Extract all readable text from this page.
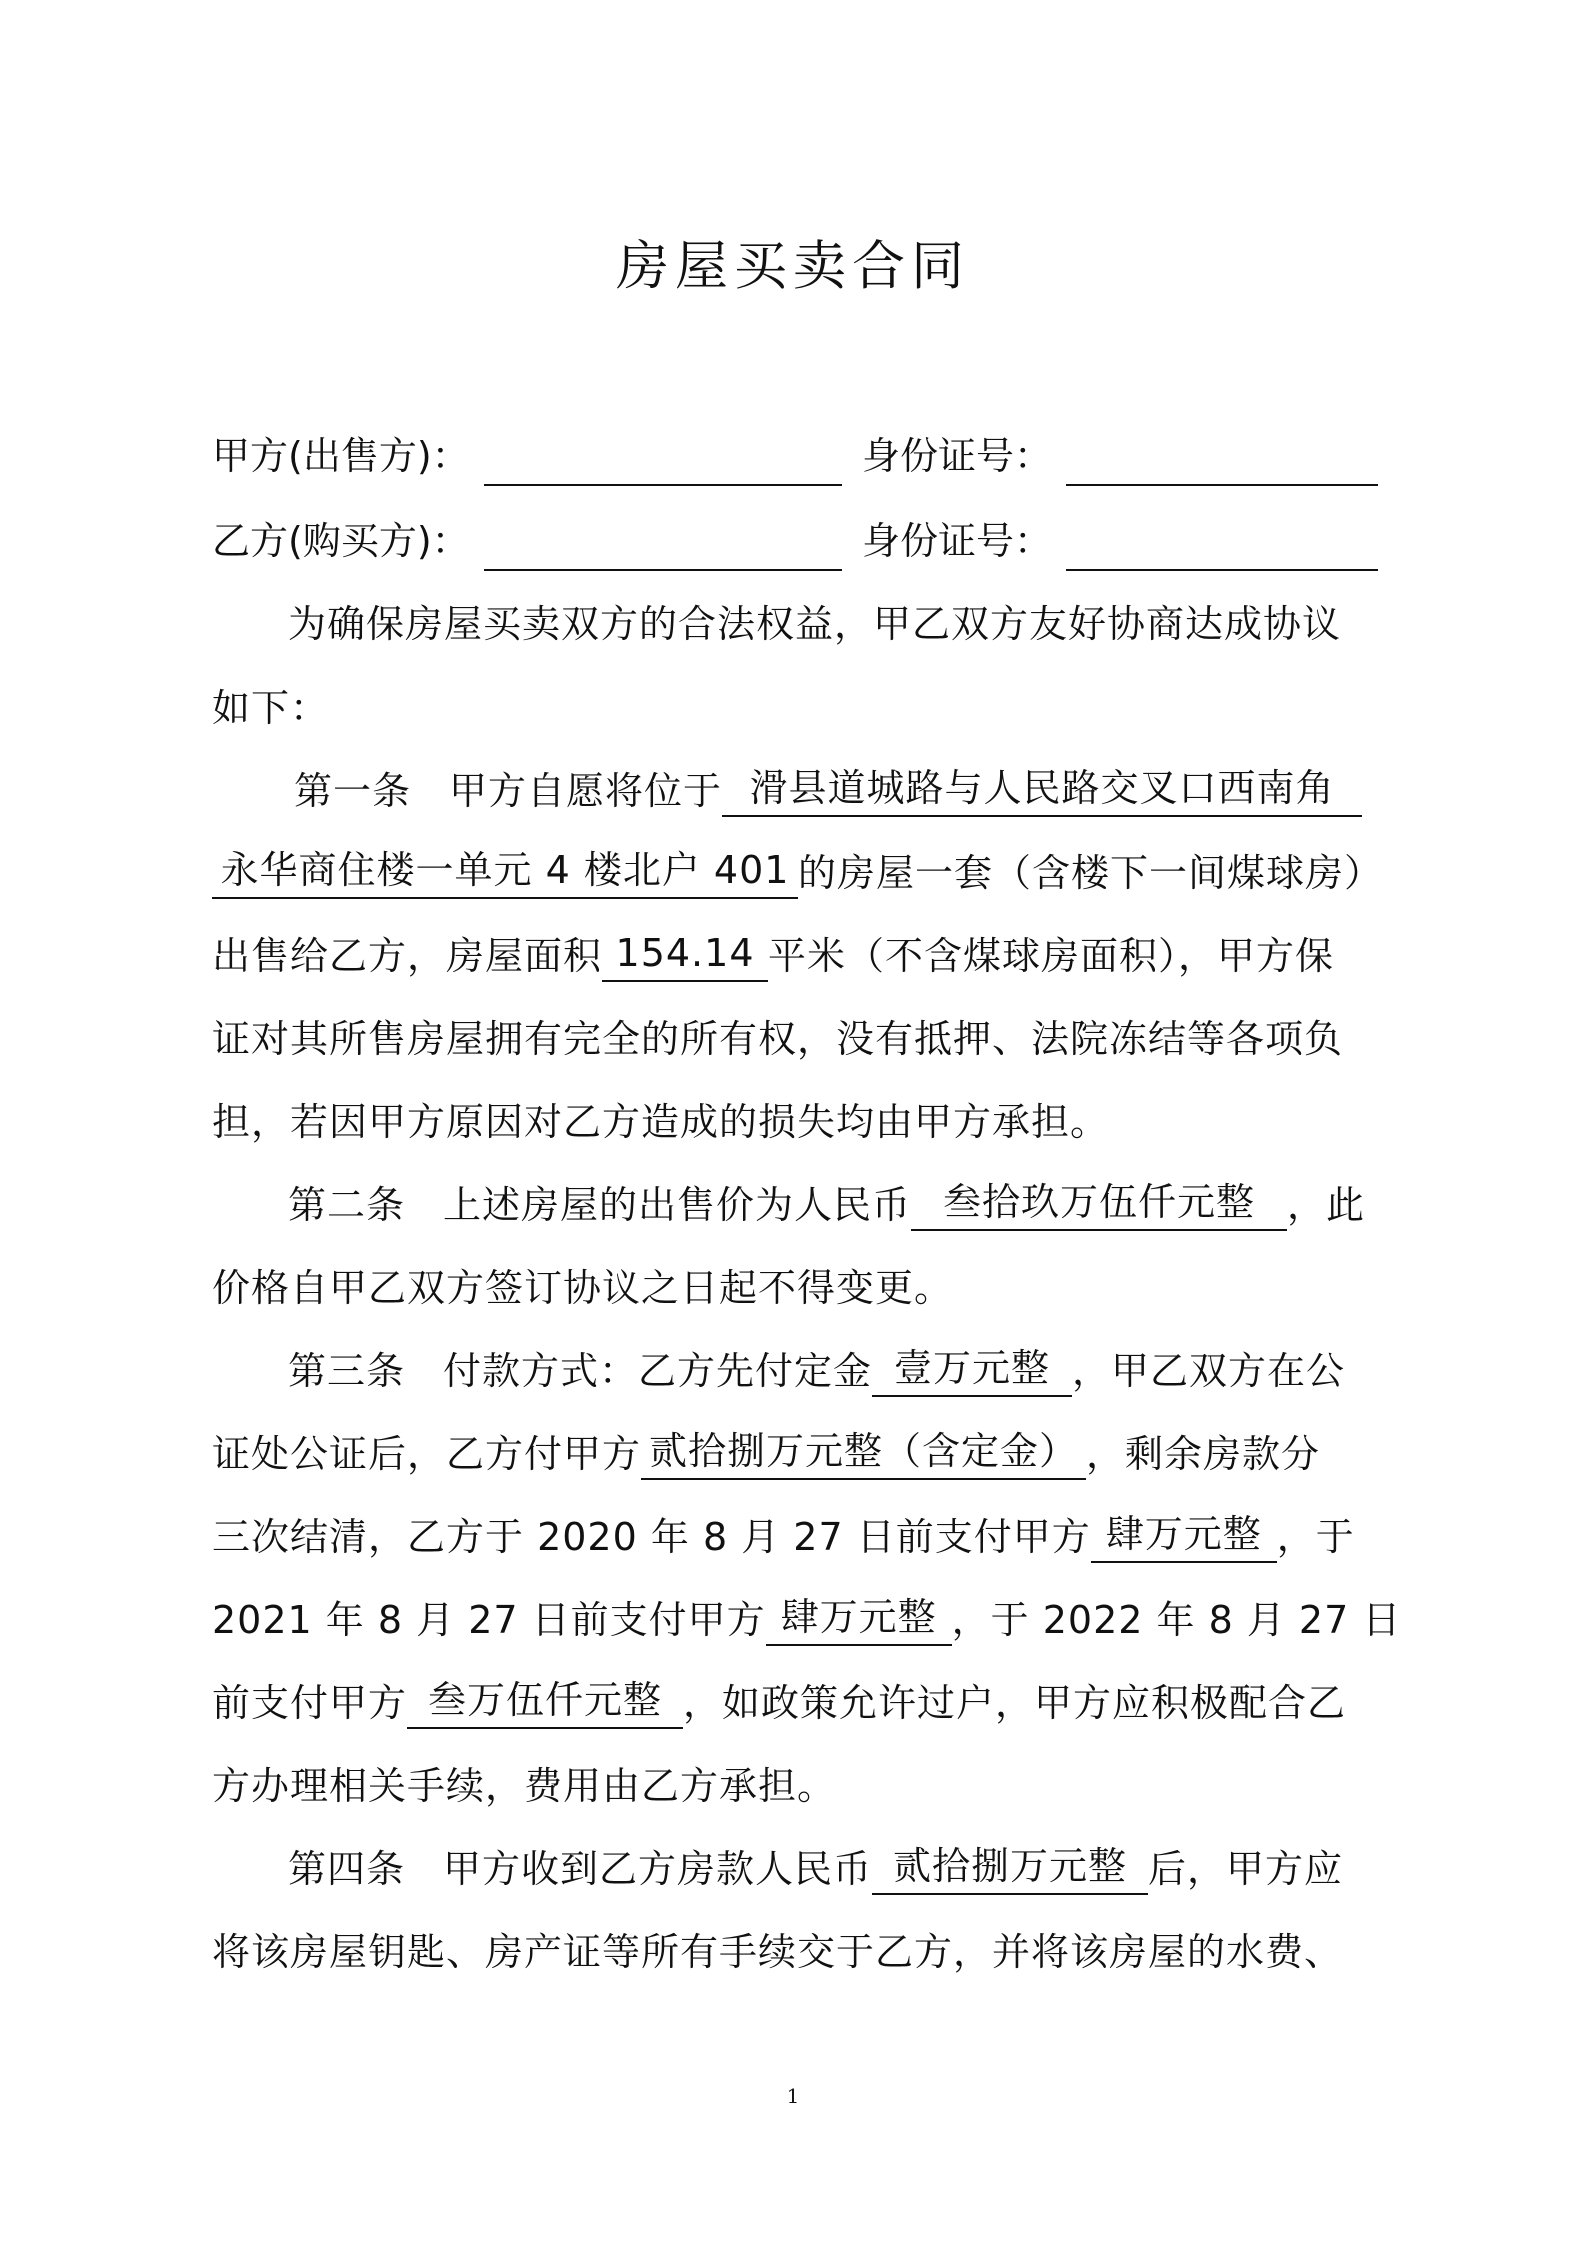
房屋买卖合同
甲方(出售方)：	身份证号：
乙方(购买方)：	身份证号：
为确保房屋买卖双方的合法权益，甲乙双方友好协商达成协议
如下：
第一条 甲方自愿将位于 滑县道城路与人民路交叉口西南角
永华商住楼一单元 4 楼北户 401 的房屋一套（含楼下一间煤球房）
出售给乙方，房屋面积 154.14 平米（不含煤球房面积），甲方保
证对其所售房屋拥有完全的所有权，没有抵押、法院冻结等各项负
担，若因甲方原因对乙方造成的损失均由甲方承担。
第二条 上述房屋的出售价为人民币 叁拾玖万伍仟元整 ，此
价格自甲乙双方签订协议之日起不得变更。
第三条 付款方式：乙方先付定金 壹万元整 ，甲乙双方在公
证处公证后，乙方付甲方 贰拾捌万元整（含定金） ，剩余房款分
三次结清，乙方于 2020 年 8 月 27 日前支付甲方 肆万元整 ，于
2021 年 8 月 27 日前支付甲方 肆万元整 ，于 2022 年 8 月 27 日
前支付甲方 叁万伍仟元整 ，如政策允许过户，甲方应积极配合乙
方办理相关手续，费用由乙方承担。
第四条 甲方收到乙方房款人民币 贰拾捌万元整 后，甲方应
将该房屋钥匙、房产证等所有手续交于乙方，并将该房屋的水费、
1
